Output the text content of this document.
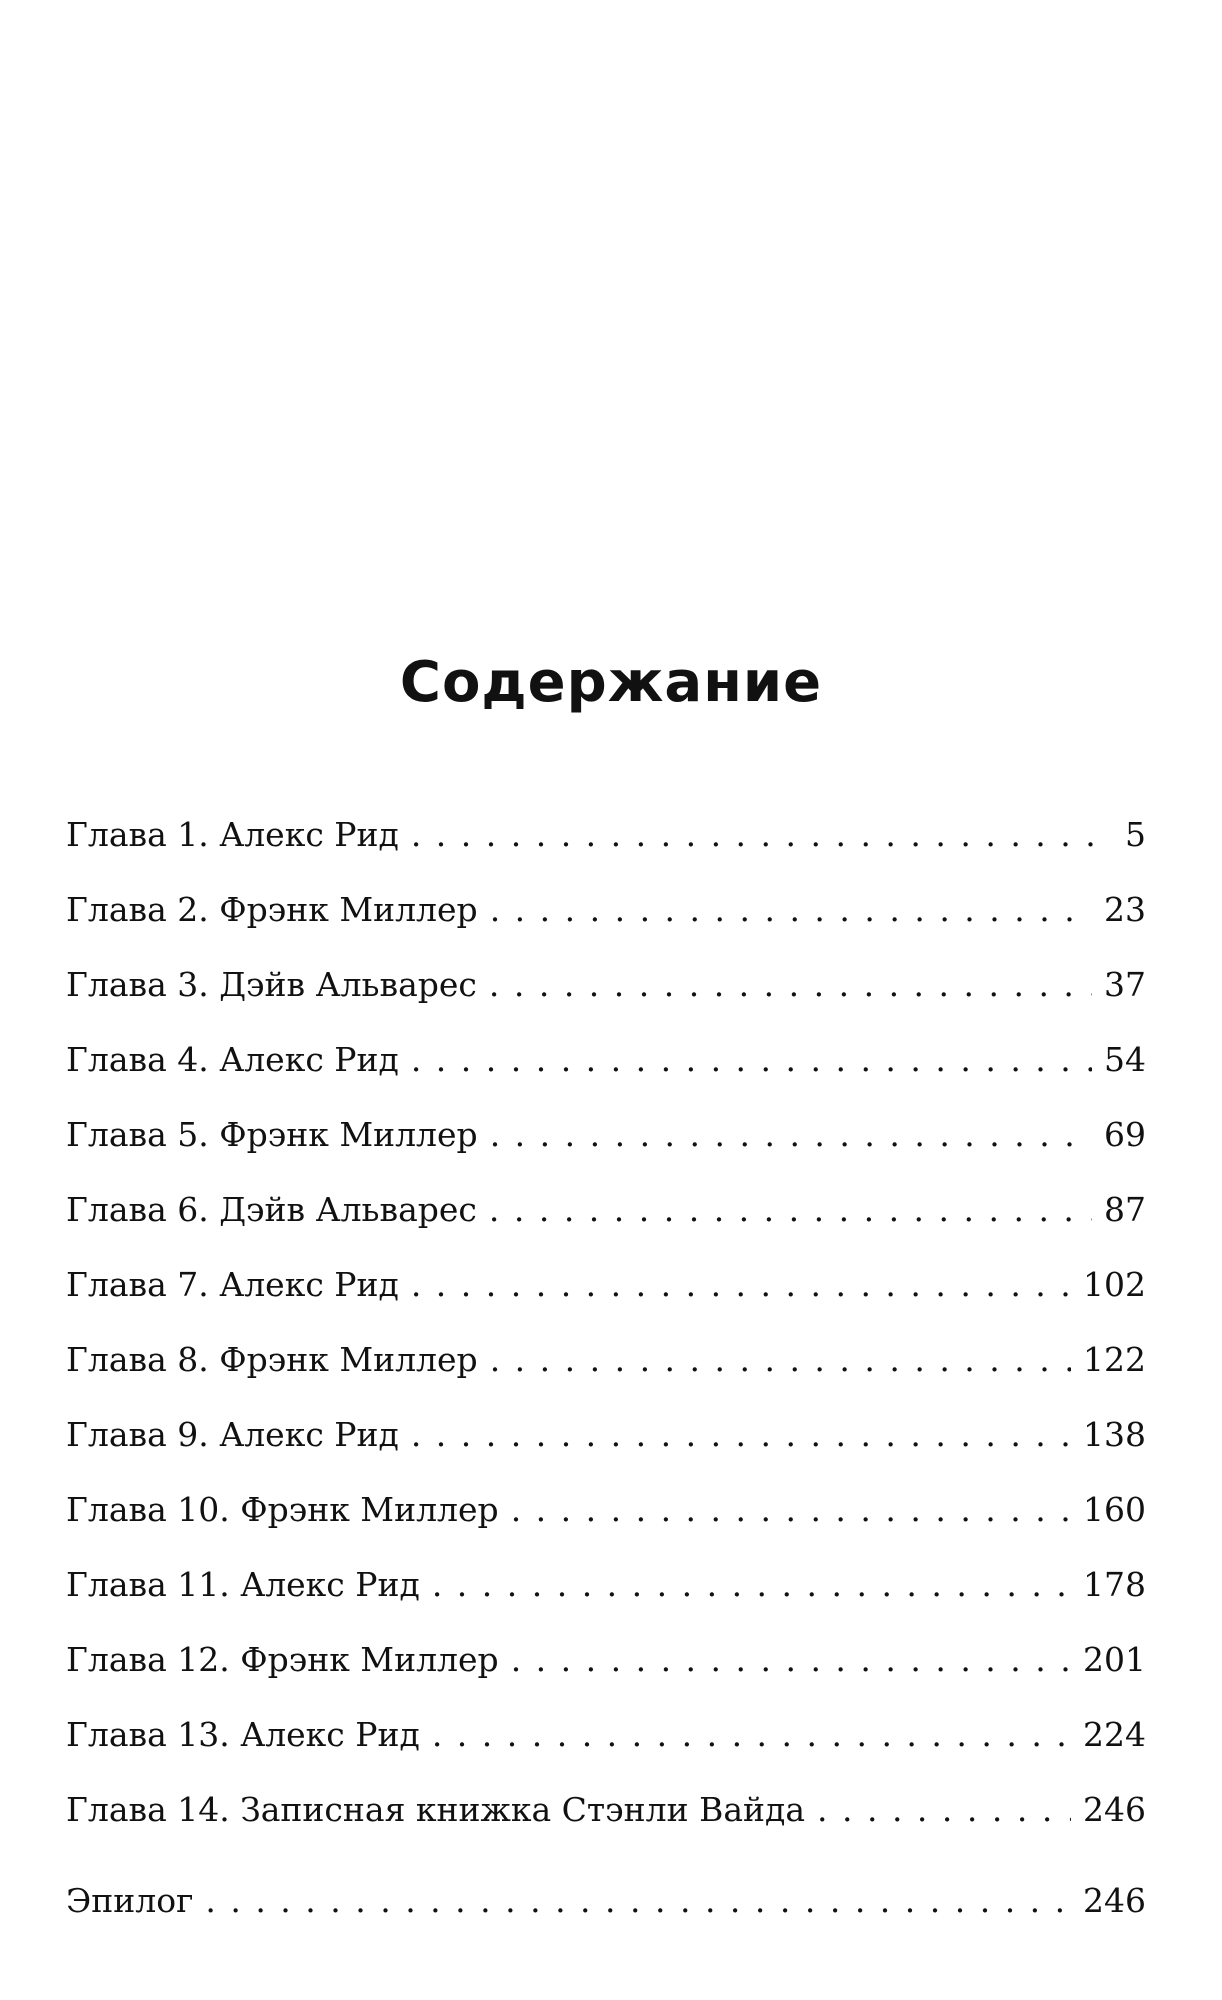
Содержание
Глава 1. Алекс Рид . . .	5
Глава 2. Фрэнк Миллер . . .	23
Глава 3. Дэйв Альварес . . .	37
Глава 4. Алекс Рид . . .	54
Глава 5. Фрэнк Миллер . . .	69
Глава 6. Дэйв Альварес . . .	87
Глава 7. Алекс Рид . . .	102
Глава 8. Фрэнк Миллер . . .	122
Глава 9. Алекс Рид . . .	138
Глава 10. Фрэнк Миллер . . .	160
Глава 11. Алекс Рид . . .	178
Глава 12. Фрэнк Миллер . . .	201
Глава 13. Алекс Рид . . .	224
Глава 14. Записная книжка Стэнли Вайда . . .	246
Эпилог . . .	246
